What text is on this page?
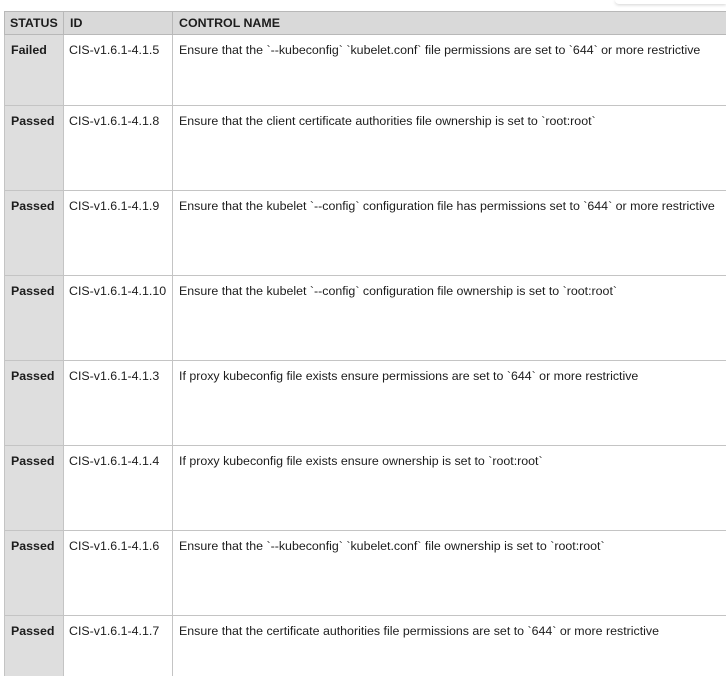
STATUS	ID	CONTROL NAME
Failed	CIS-v1.6.1-4.1.5	Ensure that the `--kubeconfig` `kubelet.conf` file permissions are set to `644` or more restrictive
Passed	CIS-v1.6.1-4.1.8	Ensure that the client certificate authorities file ownership is set to `root:root`
Passed	CIS-v1.6.1-4.1.9	Ensure that the kubelet `--config` configuration file has permissions set to `644` or more restrictive
Passed	CIS-v1.6.1-4.1.10	Ensure that the kubelet `--config` configuration file ownership is set to `root:root`
Passed	CIS-v1.6.1-4.1.3	If proxy kubeconfig file exists ensure permissions are set to `644` or more restrictive
Passed	CIS-v1.6.1-4.1.4	If proxy kubeconfig file exists ensure ownership is set to `root:root`
Passed	CIS-v1.6.1-4.1.6	Ensure that the `--kubeconfig` `kubelet.conf` file ownership is set to `root:root`
Passed	CIS-v1.6.1-4.1.7	Ensure that the certificate authorities file permissions are set to `644` or more restrictive
